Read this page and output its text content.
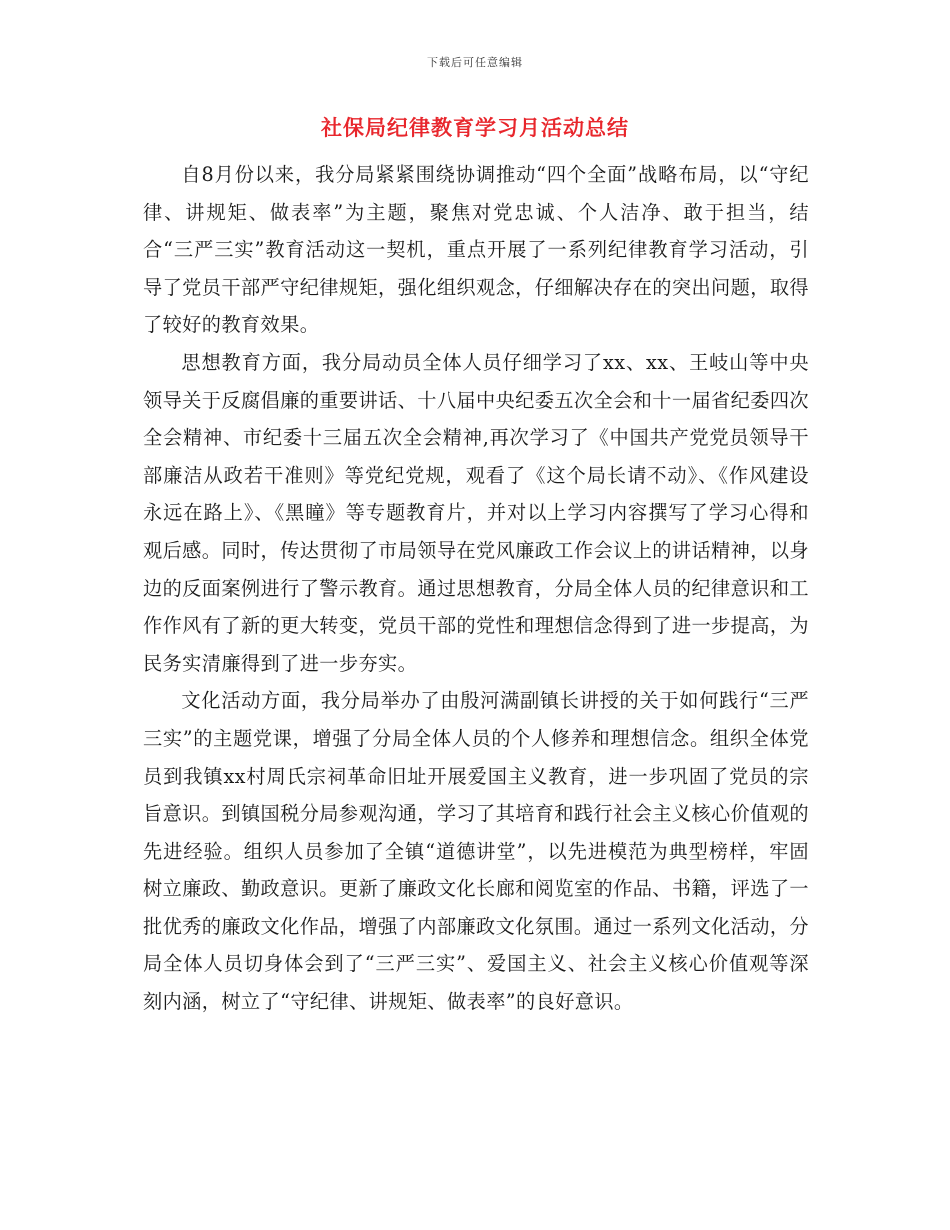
下载后可任意编辑
社保局纪律教育学习月活动总结

自8月份以来，我分局紧紧围绕协调推动“四个全面”战略布局，以“守纪律、讲规矩、做表率”为主题，聚焦对党忠诚、个人洁净、敢于担当，结合“三严三实”教育活动这一契机，重点开展了一系列纪律教育学习活动，引导了党员干部严守纪律规矩，强化组织观念，仔细解决存在的突出问题，取得了较好的教育效果。

思想教育方面，我分局动员全体人员仔细学习了xx、xx、王岐山等中央领导关于反腐倡廉的重要讲话、十八届中央纪委五次全会和十一届省纪委四次全会精神、市纪委十三届五次全会精神,再次学习了《中国共产党党员领导干部廉洁从政若干准则》等党纪党规，观看了《这个局长请不动》、《作风建设永远在路上》、《黑瞳》等专题教育片，并对以上学习内容撰写了学习心得和观后感。同时，传达贯彻了市局领导在党风廉政工作会议上的讲话精神，以身边的反面案例进行了警示教育。通过思想教育，分局全体人员的纪律意识和工作作风有了新的更大转变，党员干部的党性和理想信念得到了进一步提高，为民务实清廉得到了进一步夯实。

文化活动方面，我分局举办了由殷河满副镇长讲授的关于如何践行“三严三实”的主题党课，增强了分局全体人员的个人修养和理想信念。组织全体党员到我镇xx村周氏宗祠革命旧址开展爱国主义教育，进一步巩固了党员的宗旨意识。到镇国税分局参观沟通，学习了其培育和践行社会主义核心价值观的先进经验。组织人员参加了全镇“道德讲堂”，以先进模范为典型榜样，牢固树立廉政、勤政意识。更新了廉政文化长廊和阅览室的作品、书籍，评选了一批优秀的廉政文化作品，增强了内部廉政文化氛围。通过一系列文化活动，分局全体人员切身体会到了“三严三实”、爱国主义、社会主义核心价值观等深刻内涵，树立了“守纪律、讲规矩、做表率”的良好意识。
